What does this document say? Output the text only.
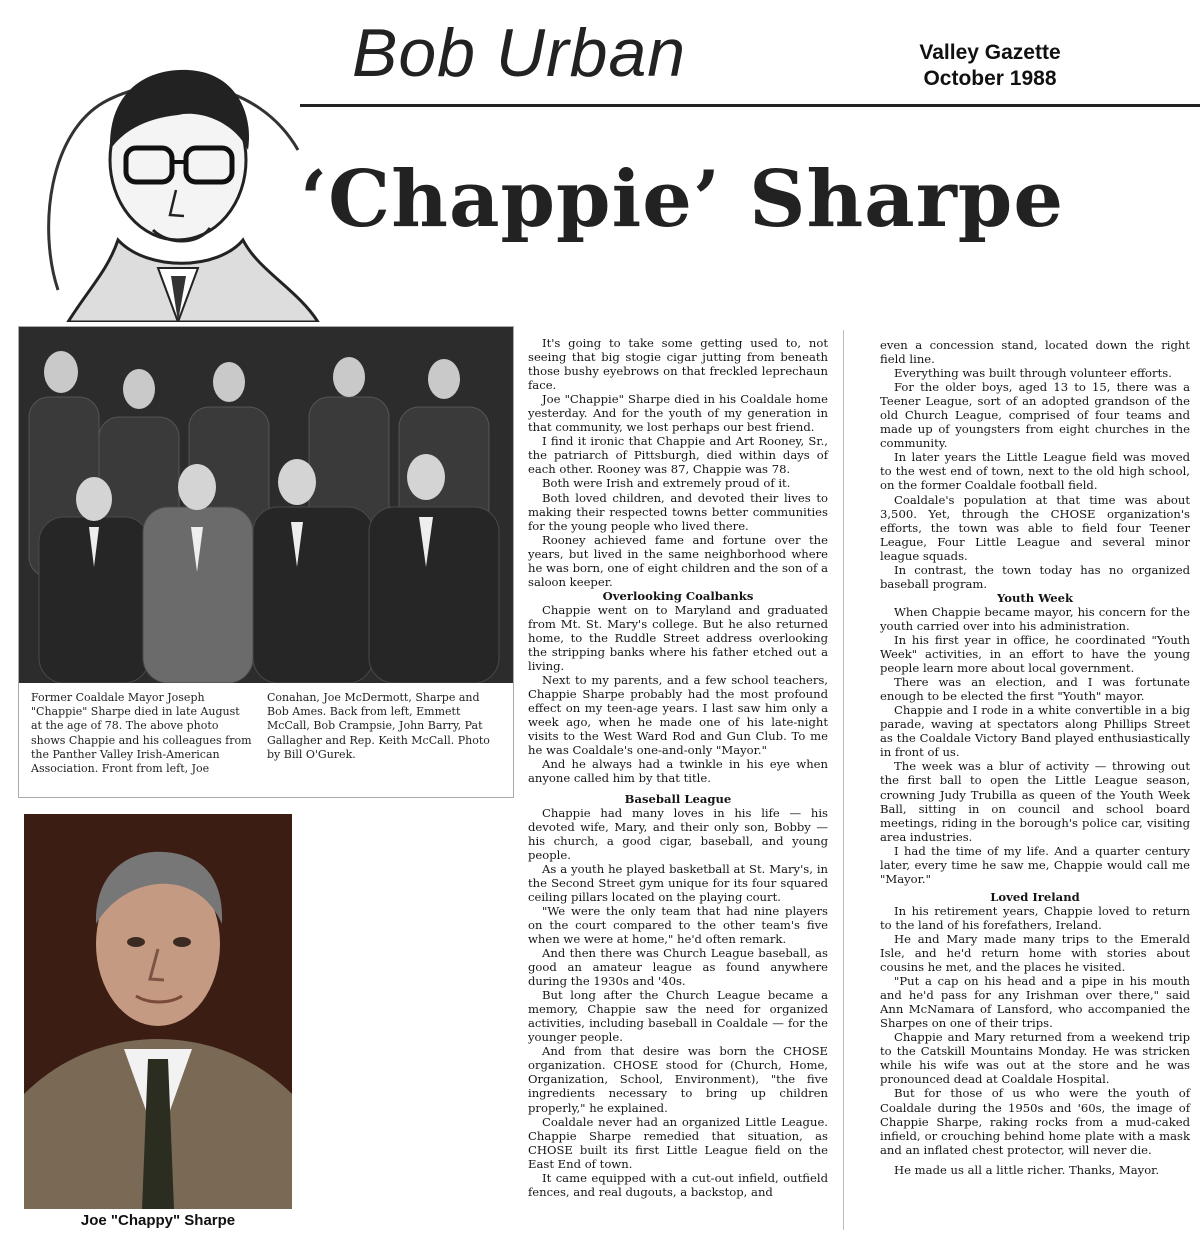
Bob Urban	Valley Gazette
October 1988
‘Chappie’ Sharpe
Former Coaldale Mayor Joseph "Chappie" Sharpe died in late August at the age of 78. The above photo shows Chappie and his colleagues from the Panther Valley Irish-American Association. Front from left, Joe
Conahan, Joe McDermott, Sharpe and Bob Ames. Back from left, Emmett McCall, Bob Crampsie, John Barry, Pat Gallagher and Rep. Keith McCall. Photo by Bill O'Gurek.
Joe "Chappy" Sharpe

It's going to take some getting used to, not seeing that big stogie cigar jutting from beneath those bushy eyebrows on that freckled leprechaun face.

Joe "Chappie" Sharpe died in his Coaldale home yesterday. And for the youth of my generation in that community, we lost perhaps our best friend.

I find it ironic that Chappie and Art Rooney, Sr., the patriarch of Pittsburgh, died within days of each other. Rooney was 87, Chappie was 78.

Both were Irish and extremely proud of it.

Both loved children, and devoted their lives to making their respected towns better communities for the young people who lived there.

Rooney achieved fame and fortune over the years, but lived in the same neighborhood where he was born, one of eight children and the son of a saloon keeper.

Overlooking Coalbanks

Chappie went on to Maryland and graduated from Mt. St. Mary's college. But he also returned home, to the Ruddle Street address overlooking the stripping banks where his father etched out a living.

Next to my parents, and a few school teachers, Chappie Sharpe probably had the most profound effect on my teen-age years. I last saw him only a week ago, when he made one of his late-night visits to the West Ward Rod and Gun Club. To me he was Coaldale's one-and-only "Mayor."

And he always had a twinkle in his eye when anyone called him by that title.

Baseball League

Chappie had many loves in his life — his devoted wife, Mary, and their only son, Bobby — his church, a good cigar, baseball, and young people.

As a youth he played basketball at St. Mary's, in the Second Street gym unique for its four squared ceiling pillars located on the playing court.

"We were the only team that had nine players on the court compared to the other team's five when we were at home," he'd often remark.

And then there was Church League baseball, as good an amateur league as found anywhere during the 1930s and '40s.

But long after the Church League became a memory, Chappie saw the need for organized activities, including baseball in Coaldale — for the younger people.

And from that desire was born the CHOSE organization. CHOSE stood for (Church, Home, Organization, School, Environment), "the five ingredients necessary to bring up children properly," he explained.

Coaldale never had an organized Little League. Chappie Sharpe remedied that situation, as CHOSE built its first Little League field on the East End of town.

It came equipped with a cut-out infield, outfield fences, and real dugouts, a backstop, and

even a concession stand, located down the right field line.

Everything was built through volunteer efforts.

For the older boys, aged 13 to 15, there was a Teener League, sort of an adopted grandson of the old Church League, comprised of four teams and made up of youngsters from eight churches in the community.

In later years the Little League field was moved to the west end of town, next to the old high school, on the former Coaldale football field.

Coaldale's population at that time was about 3,500. Yet, through the CHOSE organization's efforts, the town was able to field four Teener League, Four Little League and several minor league squads.

In contrast, the town today has no organized baseball program.

Youth Week

When Chappie became mayor, his concern for the youth carried over into his administration.

In his first year in office, he coordinated "Youth Week" activities, in an effort to have the young people learn more about local government.

There was an election, and I was fortunate enough to be elected the first "Youth" mayor.

Chappie and I rode in a white convertible in a big parade, waving at spectators along Phillips Street as the Coaldale Victory Band played enthusiastically in front of us.

The week was a blur of activity — throwing out the first ball to open the Little League season, crowning Judy Trubilla as queen of the Youth Week Ball, sitting in on council and school board meetings, riding in the borough's police car, visiting area industries.

I had the time of my life. And a quarter century later, every time he saw me, Chappie would call me "Mayor."

Loved Ireland

In his retirement years, Chappie loved to return to the land of his forefathers, Ireland.

He and Mary made many trips to the Emerald Isle, and he'd return home with stories about cousins he met, and the places he visited.

"Put a cap on his head and a pipe in his mouth and he'd pass for any Irishman over there," said Ann McNamara of Lansford, who accompanied the Sharpes on one of their trips.

Chappie and Mary returned from a weekend trip to the Catskill Mountains Monday. He was stricken while his wife was out at the store and he was pronounced dead at Coaldale Hospital.

But for those of us who were the youth of Coaldale during the 1950s and '60s, the image of Chappie Sharpe, raking rocks from a mud-caked infield, or crouching behind home plate with a mask and an inflated chest protector, will never die.

He made us all a little richer. Thanks, Mayor.
